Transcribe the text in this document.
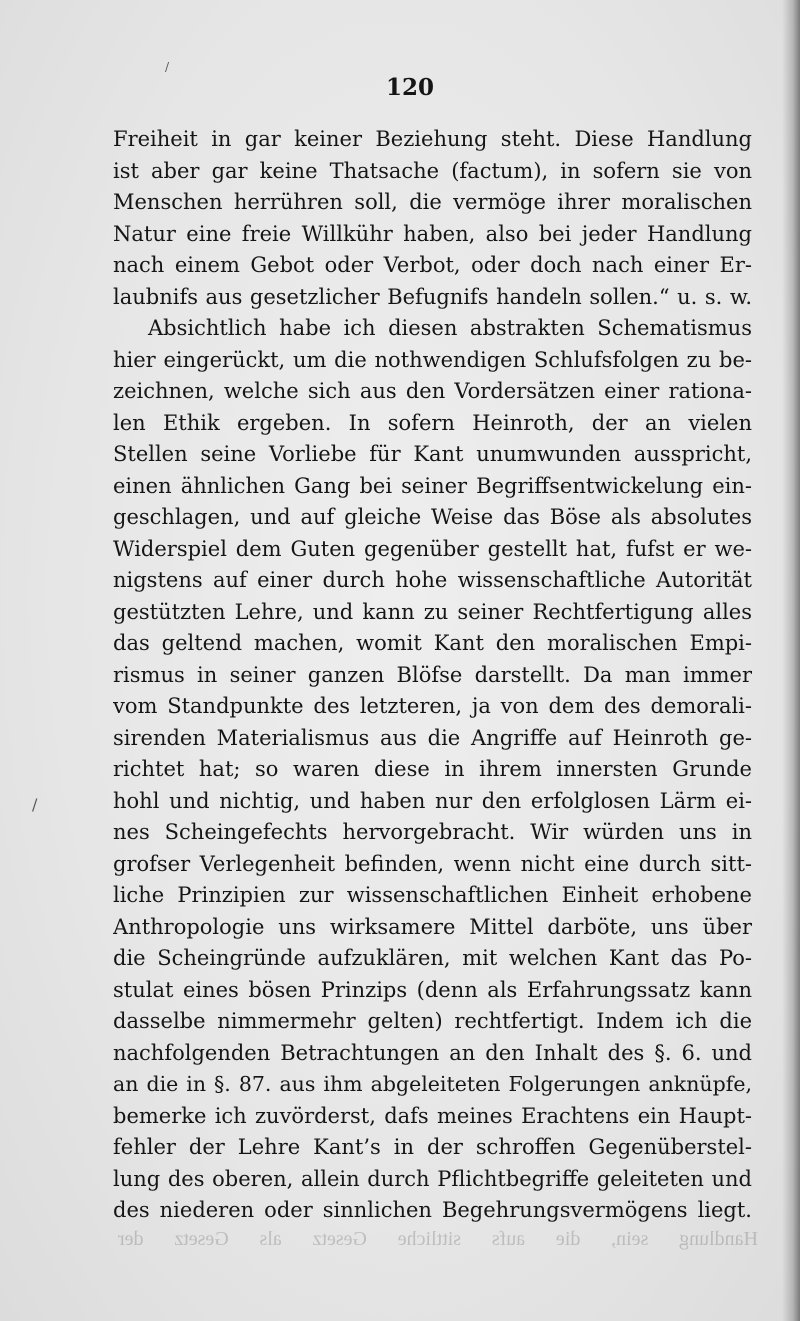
120
Freiheit in gar keiner Beziehung steht. Diese Handlung
ist aber gar keine Thatsache (factum), in sofern sie von
Menschen herrühren soll, die vermöge ihrer moralischen
Natur eine freie Willkühr haben, also bei jeder Handlung
nach einem Gebot oder Verbot, oder doch nach einer Er-
laubnifs aus gesetzlicher Befugnifs handeln sollen.“ u. s. w.
Absichtlich habe ich diesen abstrakten Schematismus
hier eingerückt, um die nothwendigen Schlufsfolgen zu be-
zeichnen, welche sich aus den Vordersätzen einer rationa-
len Ethik ergeben. In sofern Heinroth, der an vielen
Stellen seine Vorliebe für Kant unumwunden ausspricht,
einen ähnlichen Gang bei seiner Begriffsentwickelung ein-
geschlagen, und auf gleiche Weise das Böse als absolutes
Widerspiel dem Guten gegenüber gestellt hat, fufst er we-
nigstens auf einer durch hohe wissenschaftliche Autorität
gestützten Lehre, und kann zu seiner Rechtfertigung alles
das geltend machen, womit Kant den moralischen Empi-
rismus in seiner ganzen Blöfse darstellt. Da man immer
vom Standpunkte des letzteren, ja von dem des demorali-
sirenden Materialismus aus die Angriffe auf Heinroth ge-
richtet hat; so waren diese in ihrem innersten Grunde
hohl und nichtig, und haben nur den erfolglosen Lärm ei-
nes Scheingefechts hervorgebracht. Wir würden uns in
grofser Verlegenheit befinden, wenn nicht eine durch sitt-
liche Prinzipien zur wissenschaftlichen Einheit erhobene
Anthropologie uns wirksamere Mittel darböte, uns über
die Scheingründe aufzuklären, mit welchen Kant das Po-
stulat eines bösen Prinzips (denn als Erfahrungssatz kann
dasselbe nimmermehr gelten) rechtfertigt. Indem ich die
nachfolgenden Betrachtungen an den Inhalt des §. 6. und
an die in §. 87. aus ihm abgeleiteten Folgerungen anknüpfe,
bemerke ich zuvörderst, dafs meines Erachtens ein Haupt-
fehler der Lehre Kant’s in der schroffen Gegenüberstel-
lung des oberen, allein durch Pflichtbegriffe geleiteten und
des niederen oder sinnlichen Begehrungsvermögens liegt.
Handlung sein, die aufs sittliche Gesetz als Gesetz der
/
/
